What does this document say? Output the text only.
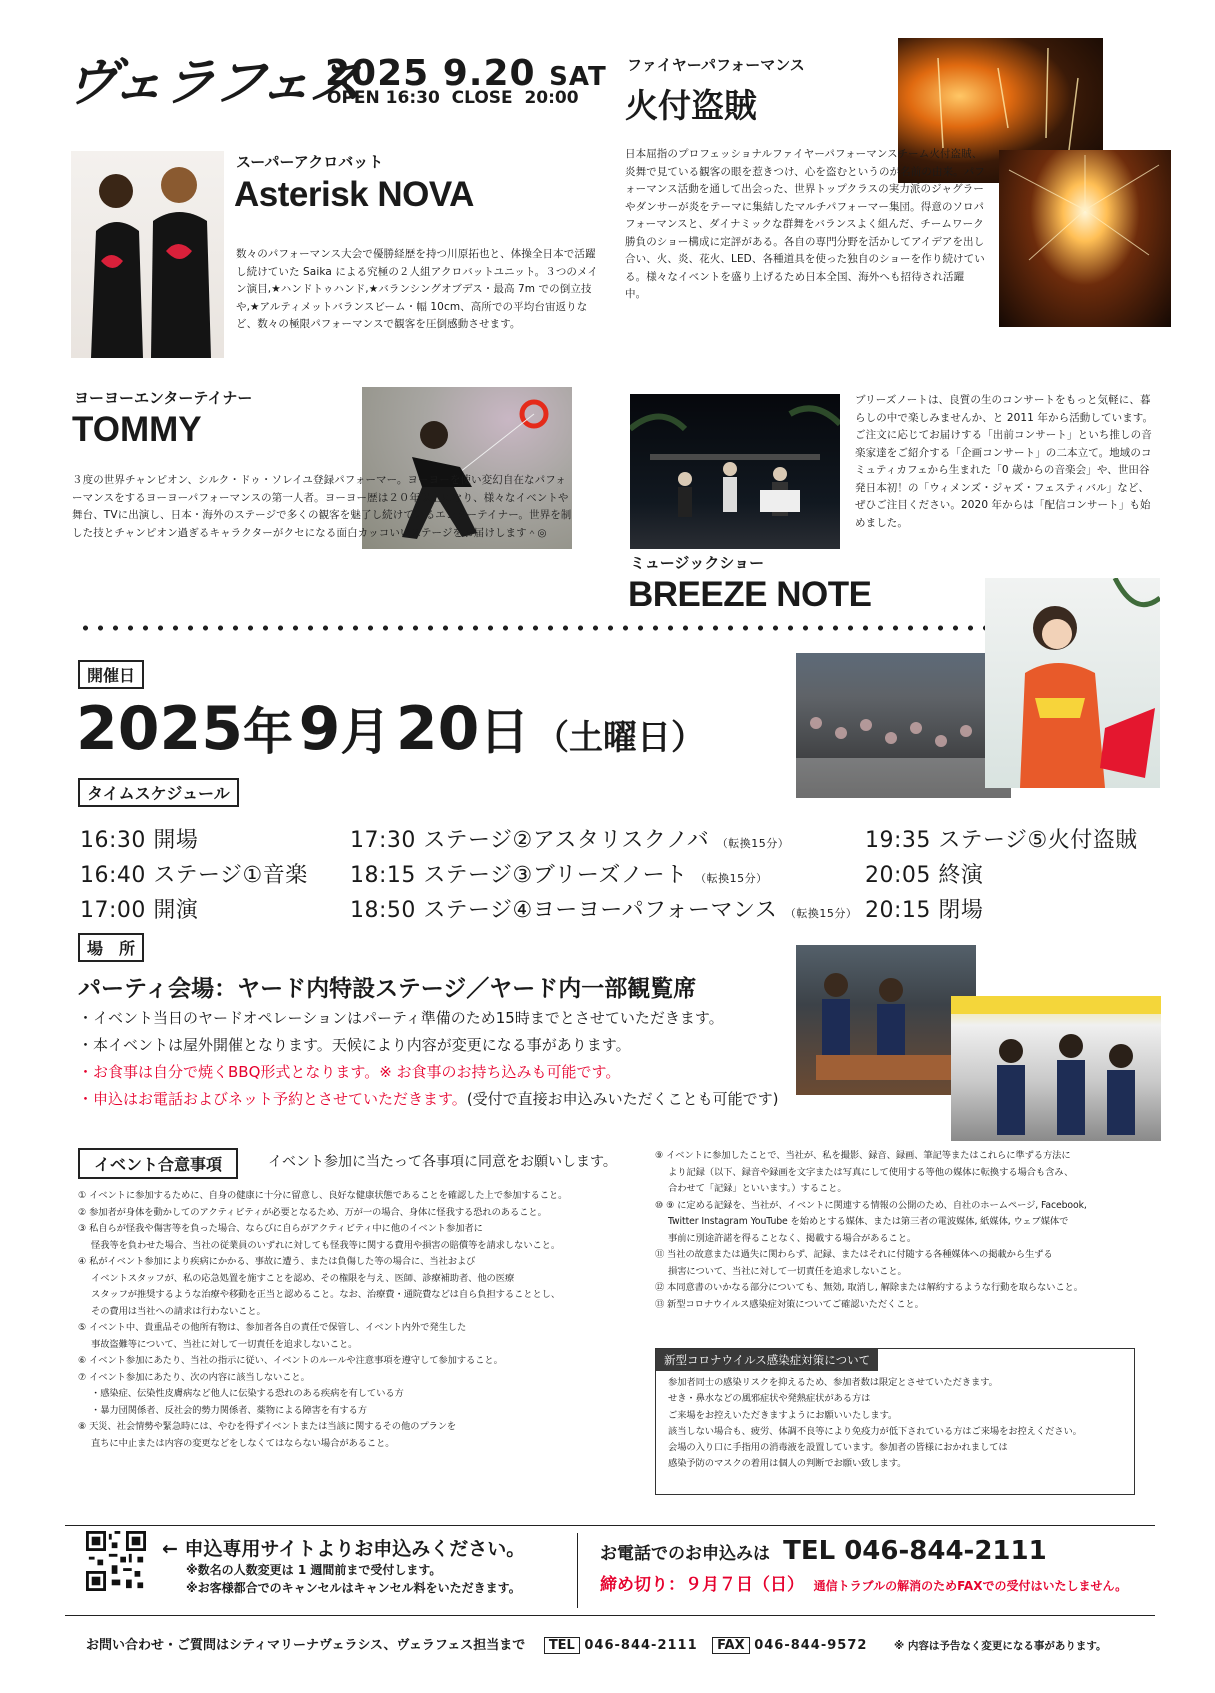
ヴェラフェス
2025 9.20 SAT
OPEN 16:30  CLOSE  20:00
ファイヤーパフォーマンス
火付盗賊
日本屈指のプロフェッショナルファイヤーパフォーマンスチーム火付盗賊、炎舞で見ている観客の眼を惹きつけ、心を盗むというのが名前の由来。パフォーマンス活動を通して出会った、世界トップクラスの実力派のジャグラーやダンサーが炎をテーマに集結したマルチパフォーマー集団。得意のソロパフォーマンスと、ダイナミックな群舞をバランスよく組んだ、チームワーク勝負のショー構成に定評がある。各自の専門分野を活かしてアイデアを出し合い、火、炎、花火、LED、各種道具を使った独自のショーを作り続けている。様々なイベントを盛り上げるため日本全国、海外へも招待され活躍中。
スーパーアクロバット
Asterisk NOVA
数々のパフォーマンス大会で優勝経歴を持つ川原拓也と、体操全日本で活躍し続けていた Saika による究極の２人組アクロバットユニット。３つのメイン演目,★ハンドトゥハンド,★バランシングオブデス・最高 7m での倒立技や,★アルティメットバランスビーム・幅 10cm、高所での平均台宙返りなど、数々の極限パフォーマンスで観客を圧倒感動させます。
ヨーヨーエンターテイナー
TOMMY
３度の世界チャンピオン、シルク・ドゥ・ソレイユ登録パフォーマー。ヨーヨーを使い変幻自在なパフォーマンスをするヨーヨーパフォーマンスの第一人者。ヨーヨー歴は２０年以上になり、様々なイベントや舞台、TVに出演し、日本・海外のステージで多くの観客を魅了し続けているエンターテイナー。世界を制した技とチャンピオン過ぎるキャラクターがクセになる面白カッコいいステージをお届けします＾◎
ブリーズノートは、良質の生のコンサートをもっと気軽に、暮らしの中で楽しみませんか、と 2011 年から活動しています。ご注文に応じてお届けする「出前コンサート」といち推しの音楽家達をご紹介する「企画コンサート」の二本立て。地域のコミュティカフェから生まれた「0 歳からの音楽会」や、世田谷発日本初！の「ウィメンズ・ジャズ・フェスティバル」など、ぜひご注目ください。2020 年からは「配信コンサート」も始めました。
ミュージックショー
BREEZE NOTE
開催日
2025年 9月 20日 （土曜日）
タイムスケジュール
16:30 開場
16:40 ステージ①音楽
17:00 開演
17:30 ステージ②アスタリスクノバ （転換15分）
18:15 ステージ③ブリーズノート （転換15分）
18:50 ステージ④ヨーヨーパフォーマンス （転換15分）
19:35 ステージ⑤火付盗賊
20:05 終演
20:15 閉場
場　所
パーティ会場：ヤード内特設ステージ／ヤード内一部観覧席
・イベント当日のヤードオペレーションはパーティ準備のため15時までとさせていただきます。
・本イベントは屋外開催となります。天候により内容が変更になる事があります。
・お食事は自分で焼くBBQ形式となります。※ お食事のお持ち込みも可能です。
・申込はお電話およびネット予約とさせていただきます。(受付で直接お申込みいただくことも可能です)
イベント合意事項	イベント参加に当たって各事項に同意をお願いします。

① イベントに参加するために、自身の健康に十分に留意し、良好な健康状態であることを確認した上で参加すること。

② 参加者が身体を動かしてのアクティビティが必要となるため、万が一の場合、身体に怪我する恐れのあること。

③ 私自らが怪我や傷害等を負った場合、ならびに自らがアクティビティ中に他のイベント参加者に

怪我等を負わせた場合、当社の従業員のいずれに対しても怪我等に関する費用や損害の賠償等を請求しないこと。

④ 私がイベント参加により疾病にかかる、事故に遭う、または負傷した等の場合に、当社および

イベントスタッフが、私の応急処置を施すことを認め、その権限を与え、医師、診療補助者、他の医療

スタッフが推奨するような治療や移動を正当と認めること。なお、治療費・通院費などは自ら負担することとし、

その費用は当社への請求は行わないこと。

⑤ イベント中、貴重品その他所有物は、参加者各自の責任で保管し、イベント内外で発生した

事故盗難等について、当社に対して一切責任を追求しないこと。

⑥ イベント参加にあたり、当社の指示に従い、イベントのルールや注意事項を遵守して参加すること。

⑦ イベント参加にあたり、次の内容に該当しないこと。

・感染症、伝染性皮膚病など他人に伝染する恐れのある疾病を有している方

・暴力団関係者、反社会的勢力関係者、薬物による障害を有する方

⑧ 天災、社会情勢や緊急時には、やむを得ずイベントまたは当該に関するその他のプランを

直ちに中止または内容の変更などをしなくてはならない場合があること。

⑨ イベントに参加したことで、当社が、私を撮影、録音、録画、筆記等またはこれらに準ずる方法に

より記録（以下、録音や録画を文字または写真にして使用する等他の媒体に転換する場合も含み、

合わせて「記録」といいます。）すること。

⑩ ⑨ に定める記録を、当社が、イベントに関連する情報の公開のため、自社のホームページ, Facebook,

Twitter Instagram YouTube を始めとする媒体、または第三者の電波媒体, 紙媒体, ウェブ媒体で

事前に別途許諾を得ることなく、掲載する場合があること。

⑪ 当社の故意または過失に関わらず、記録、またはそれに付随する各種媒体への掲載から生ずる

損害について、当社に対して一切責任を追求しないこと。

⑫ 本同意書のいかなる部分についても、無効, 取消し, 解除または解約するような行動を取らないこと。

⑬ 新型コロナウイルス感染症対策についてご確認いただくこと。

新型コロナウイルス感染症対策について

参加者同士の感染リスクを抑えるため、参加者数は限定とさせていただきます。

せき・鼻水などの風邪症状や発熱症状がある方は

ご来場をお控えいただきますようにお願いいたします。

該当しない場合も、疲労、体調不良等により免疫力が低下されている方はご来場をお控えください。

会場の入り口に手指用の消毒液を設置しています。参加者の皆様におかれましては

感染予防のマスクの着用は個人の判断でお願い致します。

← 申込専用サイトよりお申込みください。
※数名の人数変更は 1 週間前まで受付します。
※お客様都合でのキャンセルはキャンセル料をいただきます。
お電話でのお申込みは TEL 046-844-2111
締め切り：９月７日（日） 通信トラブルの解消のためFAXでの受付はいたしません。
お問い合わせ・ご質問はシティマリーナヴェラシス、ヴェラフェス担当まで TEL 046-844-2111 FAX 046-844-9572	※ 内容は予告なく変更になる事があります。
